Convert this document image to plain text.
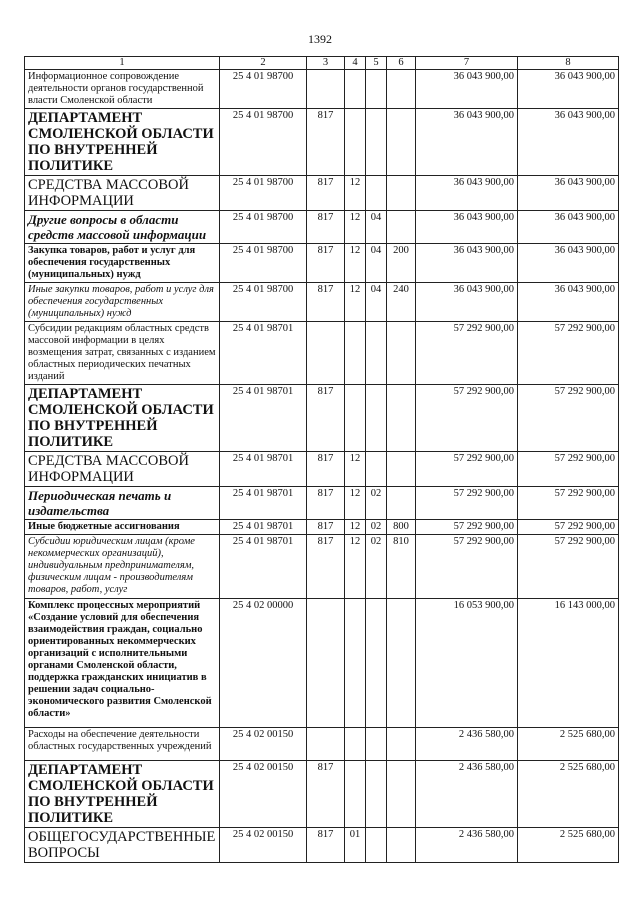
1392
1	2	3	4	5	6	7	8
Информационное сопровождение деятельности органов государственной власти Смоленской области	25 4 01 98700					36 043 900,00	36 043 900,00
ДЕПАРТАМЕНТ СМОЛЕНСКОЙ ОБЛАСТИ ПО ВНУТРЕННЕЙ ПОЛИТИКЕ	25 4 01 98700	817				36 043 900,00	36 043 900,00
СРЕДСТВА МАССОВОЙ ИНФОРМАЦИИ	25 4 01 98700	817	12			36 043 900,00	36 043 900,00
Другие вопросы в области средств массовой информации	25 4 01 98700	817	12	04		36 043 900,00	36 043 900,00
Закупка товаров, работ и услуг для обеспечения государственных (муниципальных) нужд	25 4 01 98700	817	12	04	200	36 043 900,00	36 043 900,00
Иные закупки товаров, работ и услуг для обеспечения государственных (муниципальных) нужд	25 4 01 98700	817	12	04	240	36 043 900,00	36 043 900,00
Субсидии редакциям областных средств массовой информации в целях возмещения затрат, связанных с изданием областных периодических печатных изданий	25 4 01 98701					57 292 900,00	57 292 900,00
ДЕПАРТАМЕНТ СМОЛЕНСКОЙ ОБЛАСТИ ПО ВНУТРЕННЕЙ ПОЛИТИКЕ	25 4 01 98701	817				57 292 900,00	57 292 900,00
СРЕДСТВА МАССОВОЙ ИНФОРМАЦИИ	25 4 01 98701	817	12			57 292 900,00	57 292 900,00
Периодическая печать и издательства	25 4 01 98701	817	12	02		57 292 900,00	57 292 900,00
Иные бюджетные ассигнования	25 4 01 98701	817	12	02	800	57 292 900,00	57 292 900,00
Субсидии юридическим лицам (кроме некоммерческих организаций), индивидуальным предпринимателям, физическим лицам - производителям товаров, работ, услуг	25 4 01 98701	817	12	02	810	57 292 900,00	57 292 900,00
Комплекс процессных мероприятий «Создание условий для обеспечения взаимодействия граждан, социально ориентированных некоммерческих организаций с исполнительными органами Смоленской области, поддержка гражданских инициатив в решении задач социально-экономического развития Смоленской области»	25 4 02 00000					16 053 900,00	16 143 000,00
Расходы на обеспечение деятельности областных государственных учреждений	25 4 02 00150					2 436 580,00	2 525 680,00
ДЕПАРТАМЕНТ СМОЛЕНСКОЙ ОБЛАСТИ ПО ВНУТРЕННЕЙ ПОЛИТИКЕ	25 4 02 00150	817				2 436 580,00	2 525 680,00
ОБЩЕГОСУДАРСТВЕННЫЕ ВОПРОСЫ	25 4 02 00150	817	01			2 436 580,00	2 525 680,00
